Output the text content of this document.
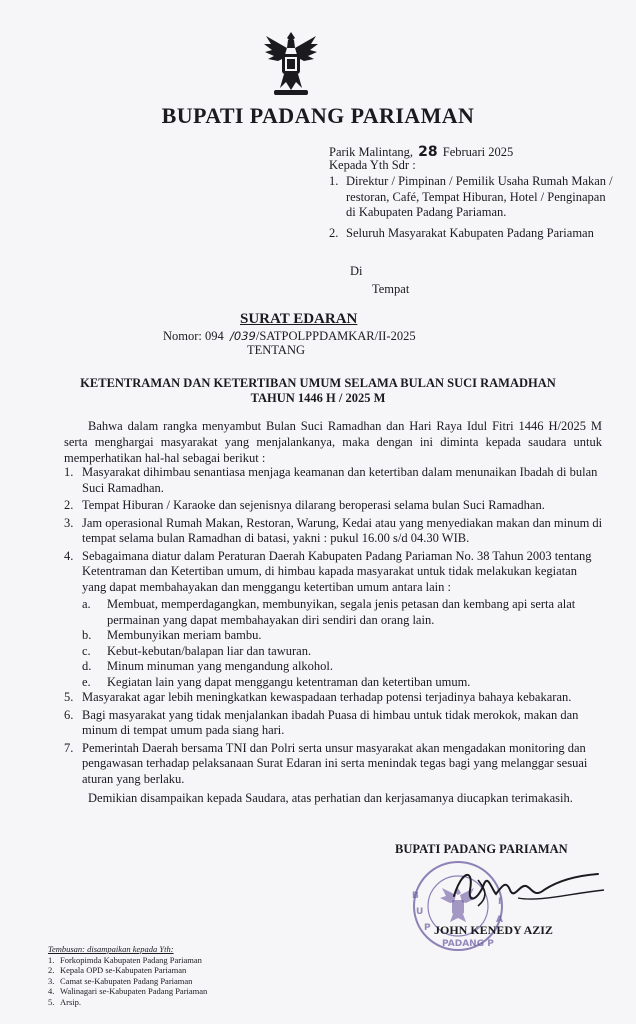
BUPATI PADANG PARIAMAN
Parik Malintang, 28 Februari 2025
Kepada Yth Sdr :
1. Direktur / Pimpinan / Pemilik Usaha Rumah Makan / restoran, Café, Tempat Hiburan, Hotel / Penginapan di Kabupaten Padang Pariaman.
2. Seluruh Masyarakat Kabupaten Padang Pariaman
Di
Tempat
SURAT EDARAN
Nomor: 094 /039/SATPOLPPDAMKAR/II-2025
TENTANG
KETENTRAMAN DAN KETERTIBAN UMUM SELAMA BULAN SUCI RAMADHAN
TAHUN 1446 H / 2025 M
Bahwa dalam rangka menyambut Bulan Suci Ramadhan dan Hari Raya Idul Fitri 1446 H/2025 M serta menghargai masyarakat yang menjalankanya, maka dengan ini diminta kepada saudara untuk memperhatikan hal-hal sebagai berikut :
1. Masyarakat dihimbau senantiasa menjaga keamanan dan ketertiban dalam menunaikan Ibadah di bulan Suci Ramadhan.
2. Tempat Hiburan / Karaoke dan sejenisnya dilarang beroperasi selama bulan Suci Ramadhan.
3. Jam operasional Rumah Makan, Restoran, Warung, Kedai atau yang menyediakan makan dan minum di tempat selama bulan Ramadhan di batasi, yakni : pukul 16.00 s/d 04.30 WIB.
4. Sebagaimana diatur dalam Peraturan Daerah Kabupaten Padang Pariaman No. 38 Tahun 2003 tentang Ketentraman dan Ketertiban umum, di himbau kapada masyarakat untuk tidak melakukan kegiatan yang dapat membahayakan dan menggangu ketertiban umum antara lain :
a. Membuat, memperdagangkan, membunyikan, segala jenis petasan dan kembang api serta alat permainan yang dapat membahayakan diri sendiri dan orang lain.
b. Membunyikan meriam bambu.
c. Kebut-kebutan/balapan liar dan tawuran.
d. Minum minuman yang mengandung alkohol.
e. Kegiatan lain yang dapat menggangu ketentraman dan ketertiban umum.
5. Masyarakat agar lebih meningkatkan kewaspadaan terhadap potensi terjadinya bahaya kebakaran.
6. Bagi masyarakat yang tidak menjalankan ibadah Puasa di himbau untuk tidak merokok, makan dan minum di tempat umum pada siang hari.
7. Pemerintah Daerah bersama TNI dan Polri serta unsur masyarakat akan mengadakan monitoring dan pengawasan terhadap pelaksanaan Surat Edaran ini serta menindak tegas bagi yang melanggar sesuai aturan yang berlaku.
Demikian disampaikan kepada Saudara, atas perhatian dan kerjasamanya diucapkan terimakasih.
BUPATI PADANG PARIAMAN
B
U
P
PADANG P
A
I
JOHN KENEDY AZIZ
Tembusan: disampaikan kepada Yth:
1. Forkopimda Kabupaten Padang Pariaman
2. Kepala OPD se-Kabupaten Pariaman
3. Camat se-Kabupaten Padang Pariaman
4. Walinagari se-Kabupaten Padang Pariaman
5. Arsip.
